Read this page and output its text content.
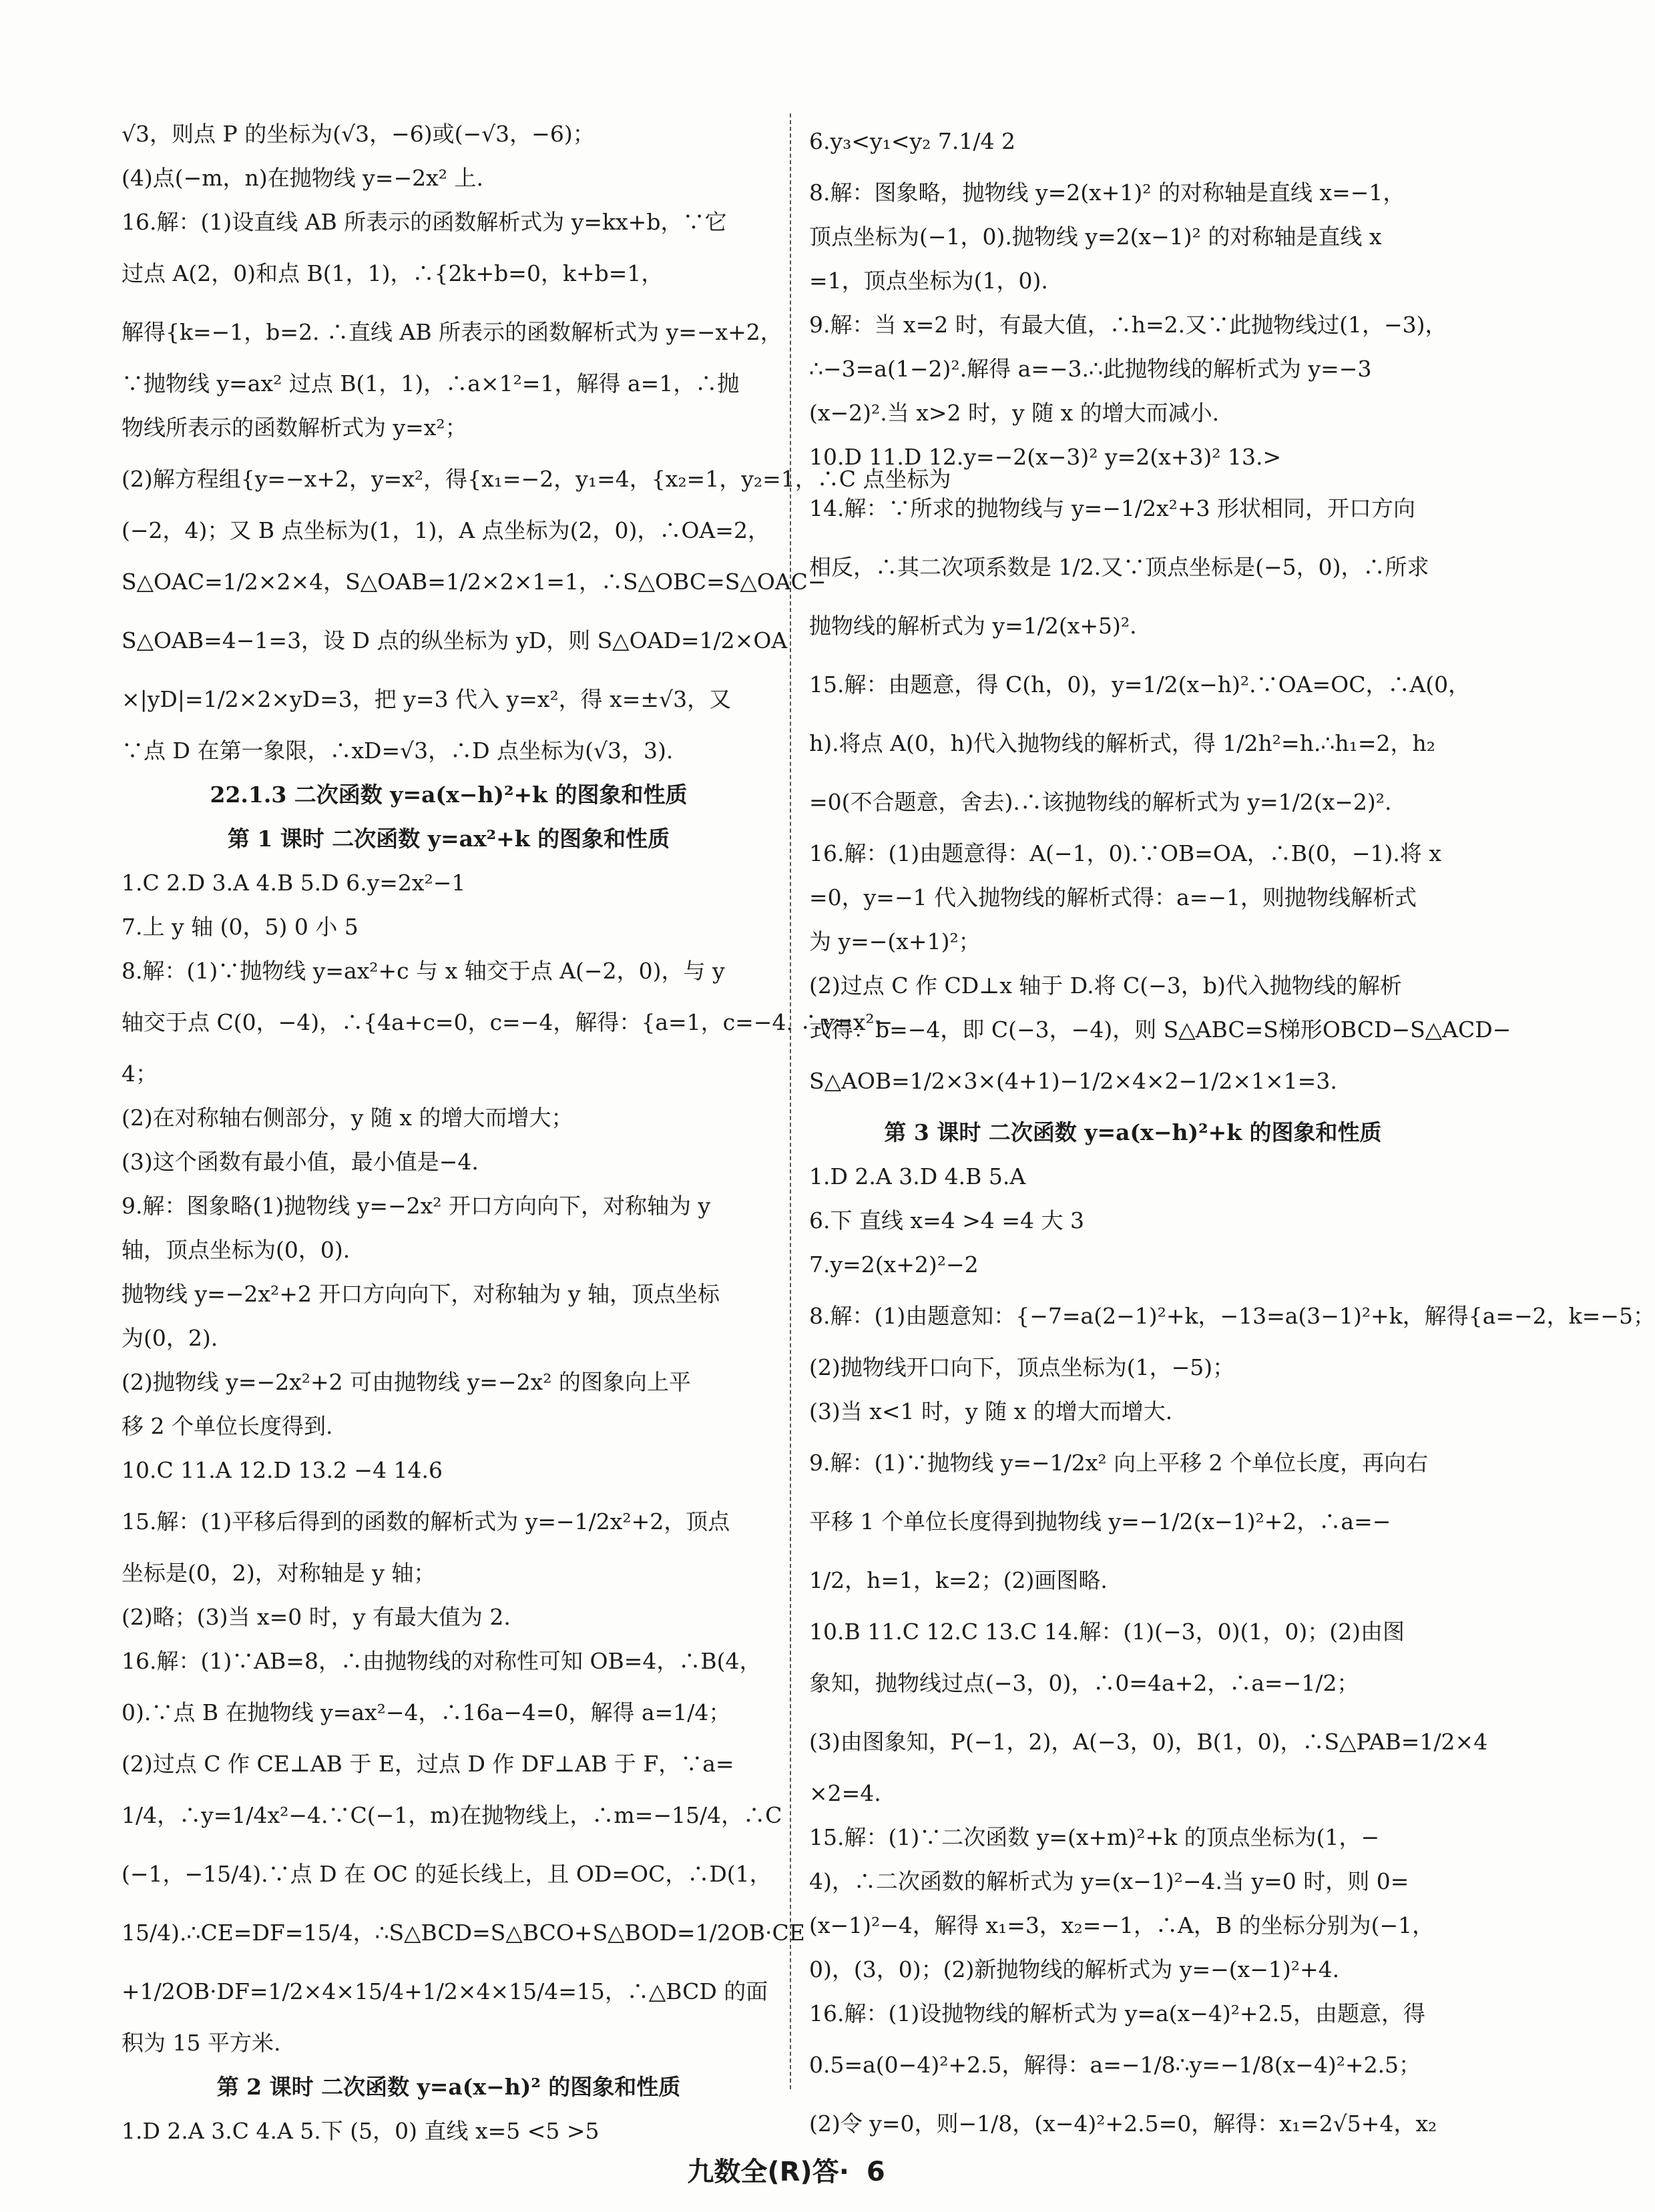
√3，则点 P 的坐标为(√3，−6)或(−√3，−6)；
(4)点(−m，n)在抛物线 y=−2x² 上.
16.解：(1)设直线 AB 所表示的函数解析式为 y=kx+b，∵它
过点 A(2，0)和点 B(1，1)，∴{2k+b=0，k+b=1，
解得{k=−1，b=2. ∴直线 AB 所表示的函数解析式为 y=−x+2，
∵抛物线 y=ax² 过点 B(1，1)，∴a×1²=1，解得 a=1，∴抛
物线所表示的函数解析式为 y=x²；
(2)解方程组{y=−x+2，y=x²，得{x₁=−2，y₁=4，{x₂=1，y₂=1，∴C 点坐标为
(−2，4)；又 B 点坐标为(1，1)，A 点坐标为(2，0)，∴OA=2，
S△OAC=1/2×2×4，S△OAB=1/2×2×1=1，∴S△OBC=S△OAC−
S△OAB=4−1=3，设 D 点的纵坐标为 yD，则 S△OAD=1/2×OA
×|yD|=1/2×2×yD=3，把 y=3 代入 y=x²，得 x=±√3，又
∵点 D 在第一象限，∴xD=√3，∴D 点坐标为(√3，3).
22.1.3 二次函数 y=a(x−h)²+k 的图象和性质
第 1 课时 二次函数 y=ax²+k 的图象和性质
1.C 2.D 3.A 4.B 5.D 6.y=2x²−1
7.上 y 轴 (0，5) 0 小 5
8.解：(1)∵抛物线 y=ax²+c 与 x 轴交于点 A(−2，0)，与 y
轴交于点 C(0，−4)，∴{4a+c=0，c=−4，解得：{a=1，c=−4. ∴y=x²−
4；
(2)在对称轴右侧部分，y 随 x 的增大而增大；
(3)这个函数有最小值，最小值是−4.
9.解：图象略(1)抛物线 y=−2x² 开口方向向下，对称轴为 y
轴，顶点坐标为(0，0).
抛物线 y=−2x²+2 开口方向向下，对称轴为 y 轴，顶点坐标
为(0，2).
(2)抛物线 y=−2x²+2 可由抛物线 y=−2x² 的图象向上平
移 2 个单位长度得到.
10.C 11.A 12.D 13.2 −4 14.6
15.解：(1)平移后得到的函数的解析式为 y=−1/2x²+2，顶点
坐标是(0，2)，对称轴是 y 轴；
(2)略；(3)当 x=0 时，y 有最大值为 2.
16.解：(1)∵AB=8，∴由抛物线的对称性可知 OB=4，∴B(4，
0).∵点 B 在抛物线 y=ax²−4，∴16a−4=0，解得 a=1/4；
(2)过点 C 作 CE⊥AB 于 E，过点 D 作 DF⊥AB 于 F，∵a=
1/4，∴y=1/4x²−4.∵C(−1，m)在抛物线上，∴m=−15/4，∴C
(−1，−15/4).∵点 D 在 OC 的延长线上，且 OD=OC，∴D(1，
15/4).∴CE=DF=15/4，∴S△BCD=S△BCO+S△BOD=1/2OB·CE
+1/2OB·DF=1/2×4×15/4+1/2×4×15/4=15，∴△BCD 的面
积为 15 平方米.
第 2 课时 二次函数 y=a(x−h)² 的图象和性质
1.D 2.A 3.C 4.A 5.下 (5，0) 直线 x=5 <5 >5
6.y₃<y₁<y₂ 7.1/4 2
8.解：图象略，抛物线 y=2(x+1)² 的对称轴是直线 x=−1，
顶点坐标为(−1，0).抛物线 y=2(x−1)² 的对称轴是直线 x
=1，顶点坐标为(1，0).
9.解：当 x=2 时，有最大值，∴h=2.又∵此抛物线过(1，−3)，
∴−3=a(1−2)².解得 a=−3.∴此抛物线的解析式为 y=−3
(x−2)².当 x>2 时，y 随 x 的增大而减小.
10.D 11.D 12.y=−2(x−3)² y=2(x+3)² 13.>
14.解：∵所求的抛物线与 y=−1/2x²+3 形状相同，开口方向
相反，∴其二次项系数是 1/2.又∵顶点坐标是(−5，0)，∴所求
抛物线的解析式为 y=1/2(x+5)².
15.解：由题意，得 C(h，0)，y=1/2(x−h)².∵OA=OC，∴A(0，
h).将点 A(0，h)代入抛物线的解析式，得 1/2h²=h.∴h₁=2，h₂
=0(不合题意，舍去).∴该抛物线的解析式为 y=1/2(x−2)².
16.解：(1)由题意得：A(−1，0).∵OB=OA，∴B(0，−1).将 x
=0，y=−1 代入抛物线的解析式得：a=−1，则抛物线解析式
为 y=−(x+1)²；
(2)过点 C 作 CD⊥x 轴于 D.将 C(−3，b)代入抛物线的解析
式得：b=−4，即 C(−3，−4)，则 S△ABC=S梯形OBCD−S△ACD−
S△AOB=1/2×3×(4+1)−1/2×4×2−1/2×1×1=3.
第 3 课时 二次函数 y=a(x−h)²+k 的图象和性质
1.D 2.A 3.D 4.B 5.A
6.下 直线 x=4 >4 =4 大 3
7.y=2(x+2)²−2
8.解：(1)由题意知：{−7=a(2−1)²+k，−13=a(3−1)²+k，解得{a=−2，k=−5；
(2)抛物线开口向下，顶点坐标为(1，−5)；
(3)当 x<1 时，y 随 x 的增大而增大.
9.解：(1)∵抛物线 y=−1/2x² 向上平移 2 个单位长度，再向右
平移 1 个单位长度得到抛物线 y=−1/2(x−1)²+2，∴a=−
1/2，h=1，k=2；(2)画图略.
10.B 11.C 12.C 13.C 14.解：(1)(−3，0)(1，0)；(2)由图
象知，抛物线过点(−3，0)，∴0=4a+2，∴a=−1/2；
(3)由图象知，P(−1，2)，A(−3，0)，B(1，0)，∴S△PAB=1/2×4
×2=4.
15.解：(1)∵二次函数 y=(x+m)²+k 的顶点坐标为(1，−
4)，∴二次函数的解析式为 y=(x−1)²−4.当 y=0 时，则 0=
(x−1)²−4，解得 x₁=3，x₂=−1，∴A，B 的坐标分别为(−1，
0)，(3，0)；(2)新抛物线的解析式为 y=−(x−1)²+4.
16.解：(1)设抛物线的解析式为 y=a(x−4)²+2.5，由题意，得
0.5=a(0−4)²+2.5，解得：a=−1/8∴y=−1/8(x−4)²+2.5；
(2)令 y=0，则−1/8，(x−4)²+2.5=0，解得：x₁=2√5+4，x₂
九数全(R)答· 6
